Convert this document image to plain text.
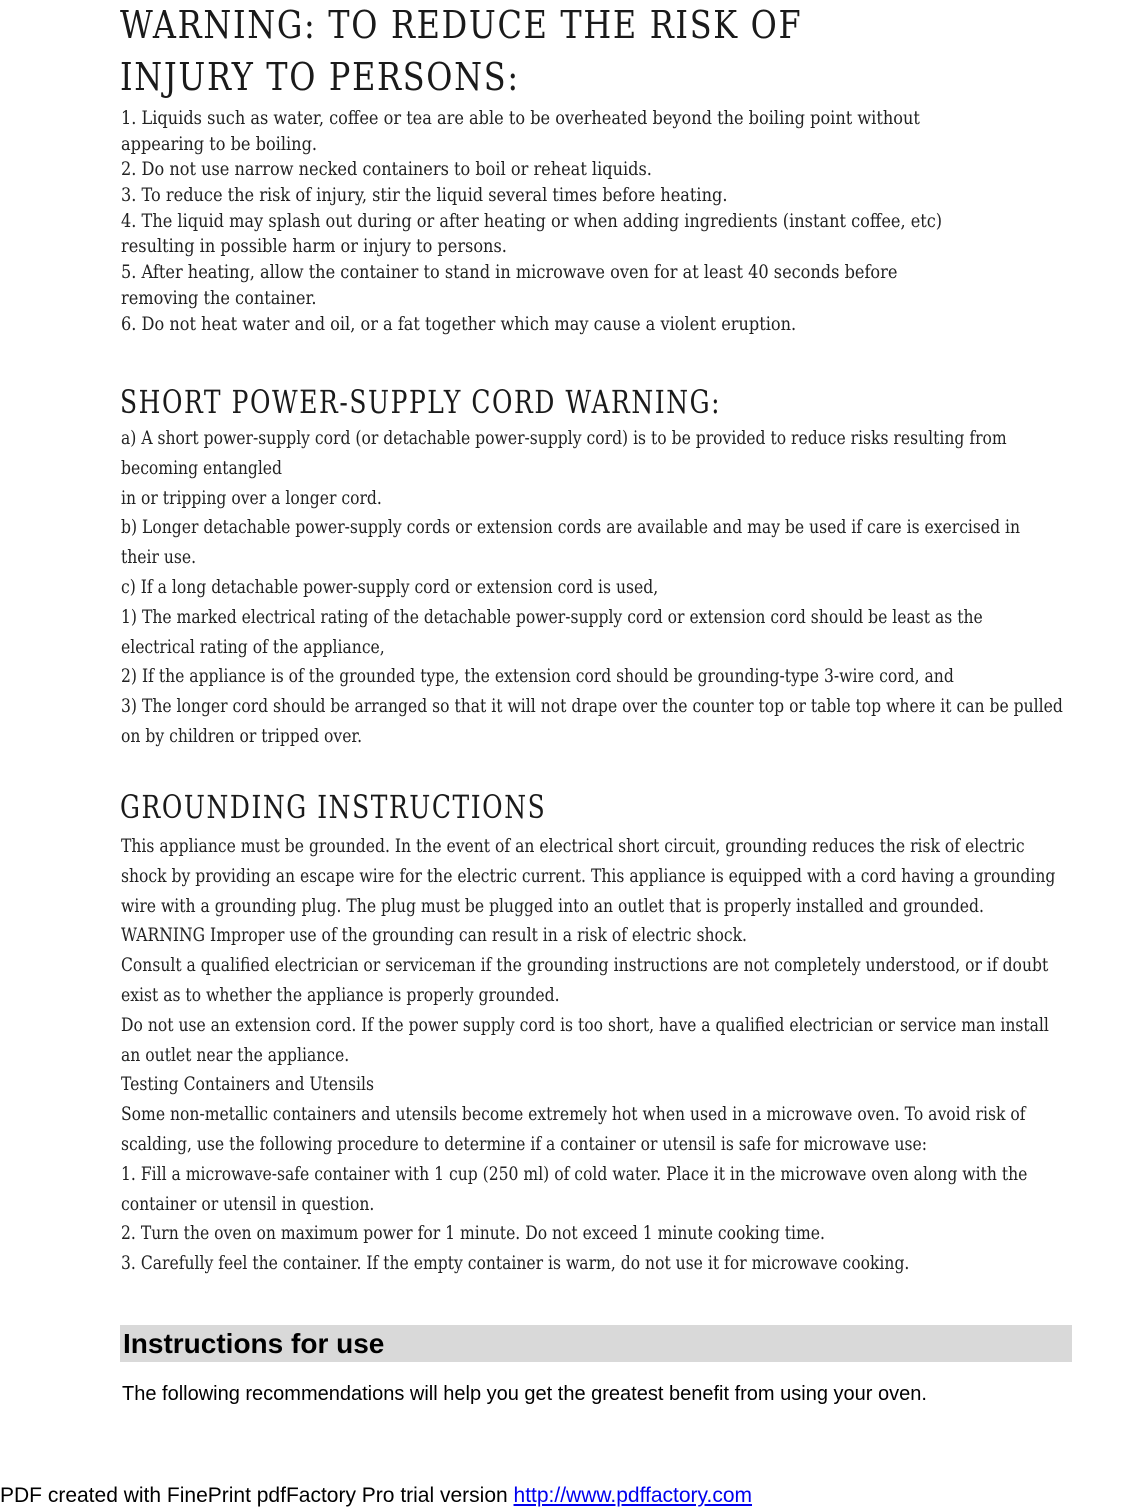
WARNING: TO REDUCE THE RISK OF
INJURY TO PERSONS:
1. Liquids such as water, coffee or tea are able to be overheated beyond the boiling point without
appearing to be boiling.
2. Do not use narrow necked containers to boil or reheat liquids.
3. To reduce the risk of injury, stir the liquid several times before heating.
4. The liquid may splash out during or after heating or when adding ingredients (instant coffee, etc)
resulting in possible harm or injury to persons.
5. After heating, allow the container to stand in microwave oven for at least 40 seconds before
removing the container.
6. Do not heat water and oil, or a fat together which may cause a violent eruption.
SHORT POWER-SUPPLY CORD WARNING:
a) A short power-supply cord (or detachable power-supply cord) is to be provided to reduce risks resulting from
becoming entangled
in or tripping over a longer cord.
b) Longer detachable power-supply cords or extension cords are available and may be used if care is exercised in
their use.
c) If a long detachable power-supply cord or extension cord is used,
1) The marked electrical rating of the detachable power-supply cord or extension cord should be least as the
electrical rating of the appliance,
2) If the appliance is of the grounded type, the extension cord should be grounding-type 3-wire cord, and
3) The longer cord should be arranged so that it will not drape over the counter top or table top where it can be pulled
on by children or tripped over.
GROUNDING INSTRUCTIONS
This appliance must be grounded. In the event of an electrical short circuit, grounding reduces the risk of electric
shock by providing an escape wire for the electric current. This appliance is equipped with a cord having a grounding
wire with a grounding plug. The plug must be plugged into an outlet that is properly installed and grounded.
WARNING Improper use of the grounding can result in a risk of electric shock.
Consult a qualified electrician or serviceman if the grounding instructions are not completely understood, or if doubt
exist as to whether the appliance is properly grounded.
Do not use an extension cord. If the power supply cord is too short, have a qualified electrician or service man install
an outlet near the appliance.
Testing Containers and Utensils
Some non-metallic containers and utensils become extremely hot when used in a microwave oven. To avoid risk of
scalding, use the following procedure to determine if a container or utensil is safe for microwave use:
1. Fill a microwave-safe container with 1 cup (250 ml) of cold water. Place it in the microwave oven along with the
container or utensil in question.
2. Turn the oven on maximum power for 1 minute. Do not exceed 1 minute cooking time.
3. Carefully feel the container. If the empty container is warm, do not use it for microwave cooking.
Instructions for use

The following recommendations will help you get the greatest benefit from using your oven.

PDF created with FinePrint pdfFactory Pro trial version http://www.pdffactory.com
